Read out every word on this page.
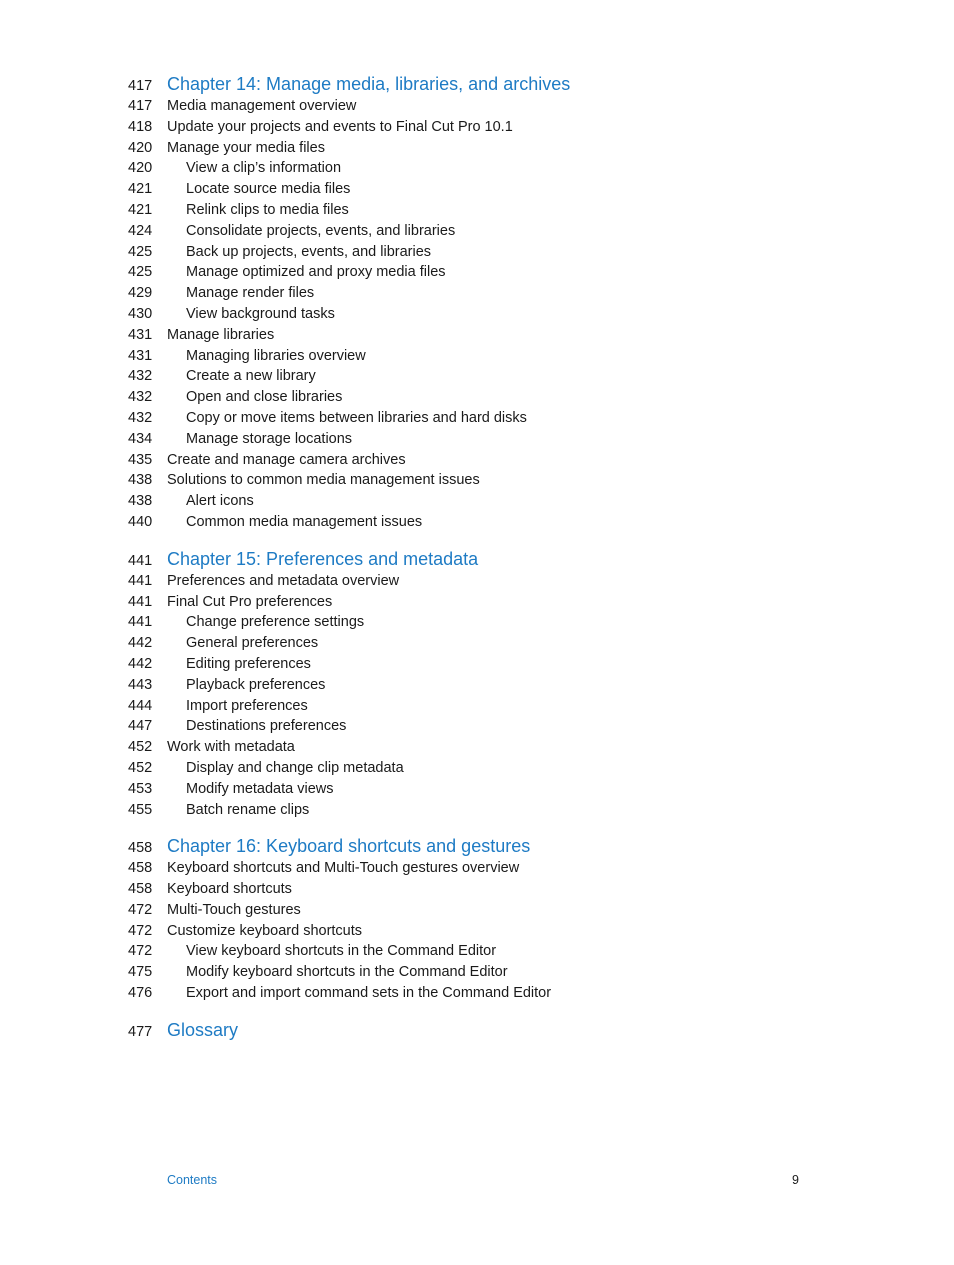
417 Chapter 14: Manage media, libraries, and archives
417	Media management overview
418	Update your projects and events to Final Cut Pro 10.1
420	Manage your media files
420	View a clip’s information
421	Locate source media files
421	Relink clips to media files
424	Consolidate projects, events, and libraries
425	Back up projects, events, and libraries
425	Manage optimized and proxy media files
429	Manage render files
430	View background tasks
431	Manage libraries
431	Managing libraries overview
432	Create a new library
432	Open and close libraries
432	Copy or move items between libraries and hard disks
434	Manage storage locations
435	Create and manage camera archives
438	Solutions to common media management issues
438	Alert icons
440	Common media management issues
441 Chapter 15: Preferences and metadata
441	Preferences and metadata overview
441	Final Cut Pro preferences
441	Change preference settings
442	General preferences
442	Editing preferences
443	Playback preferences
444	Import preferences
447	Destinations preferences
452	Work with metadata
452	Display and change clip metadata
453	Modify metadata views
455	Batch rename clips
458 Chapter 16: Keyboard shortcuts and gestures
458	Keyboard shortcuts and Multi-Touch gestures overview
458	Keyboard shortcuts
472	Multi-Touch gestures
472	Customize keyboard shortcuts
472	View keyboard shortcuts in the Command Editor
475	Modify keyboard shortcuts in the Command Editor
476	Export and import command sets in the Command Editor
477 Glossary
Contents	9
